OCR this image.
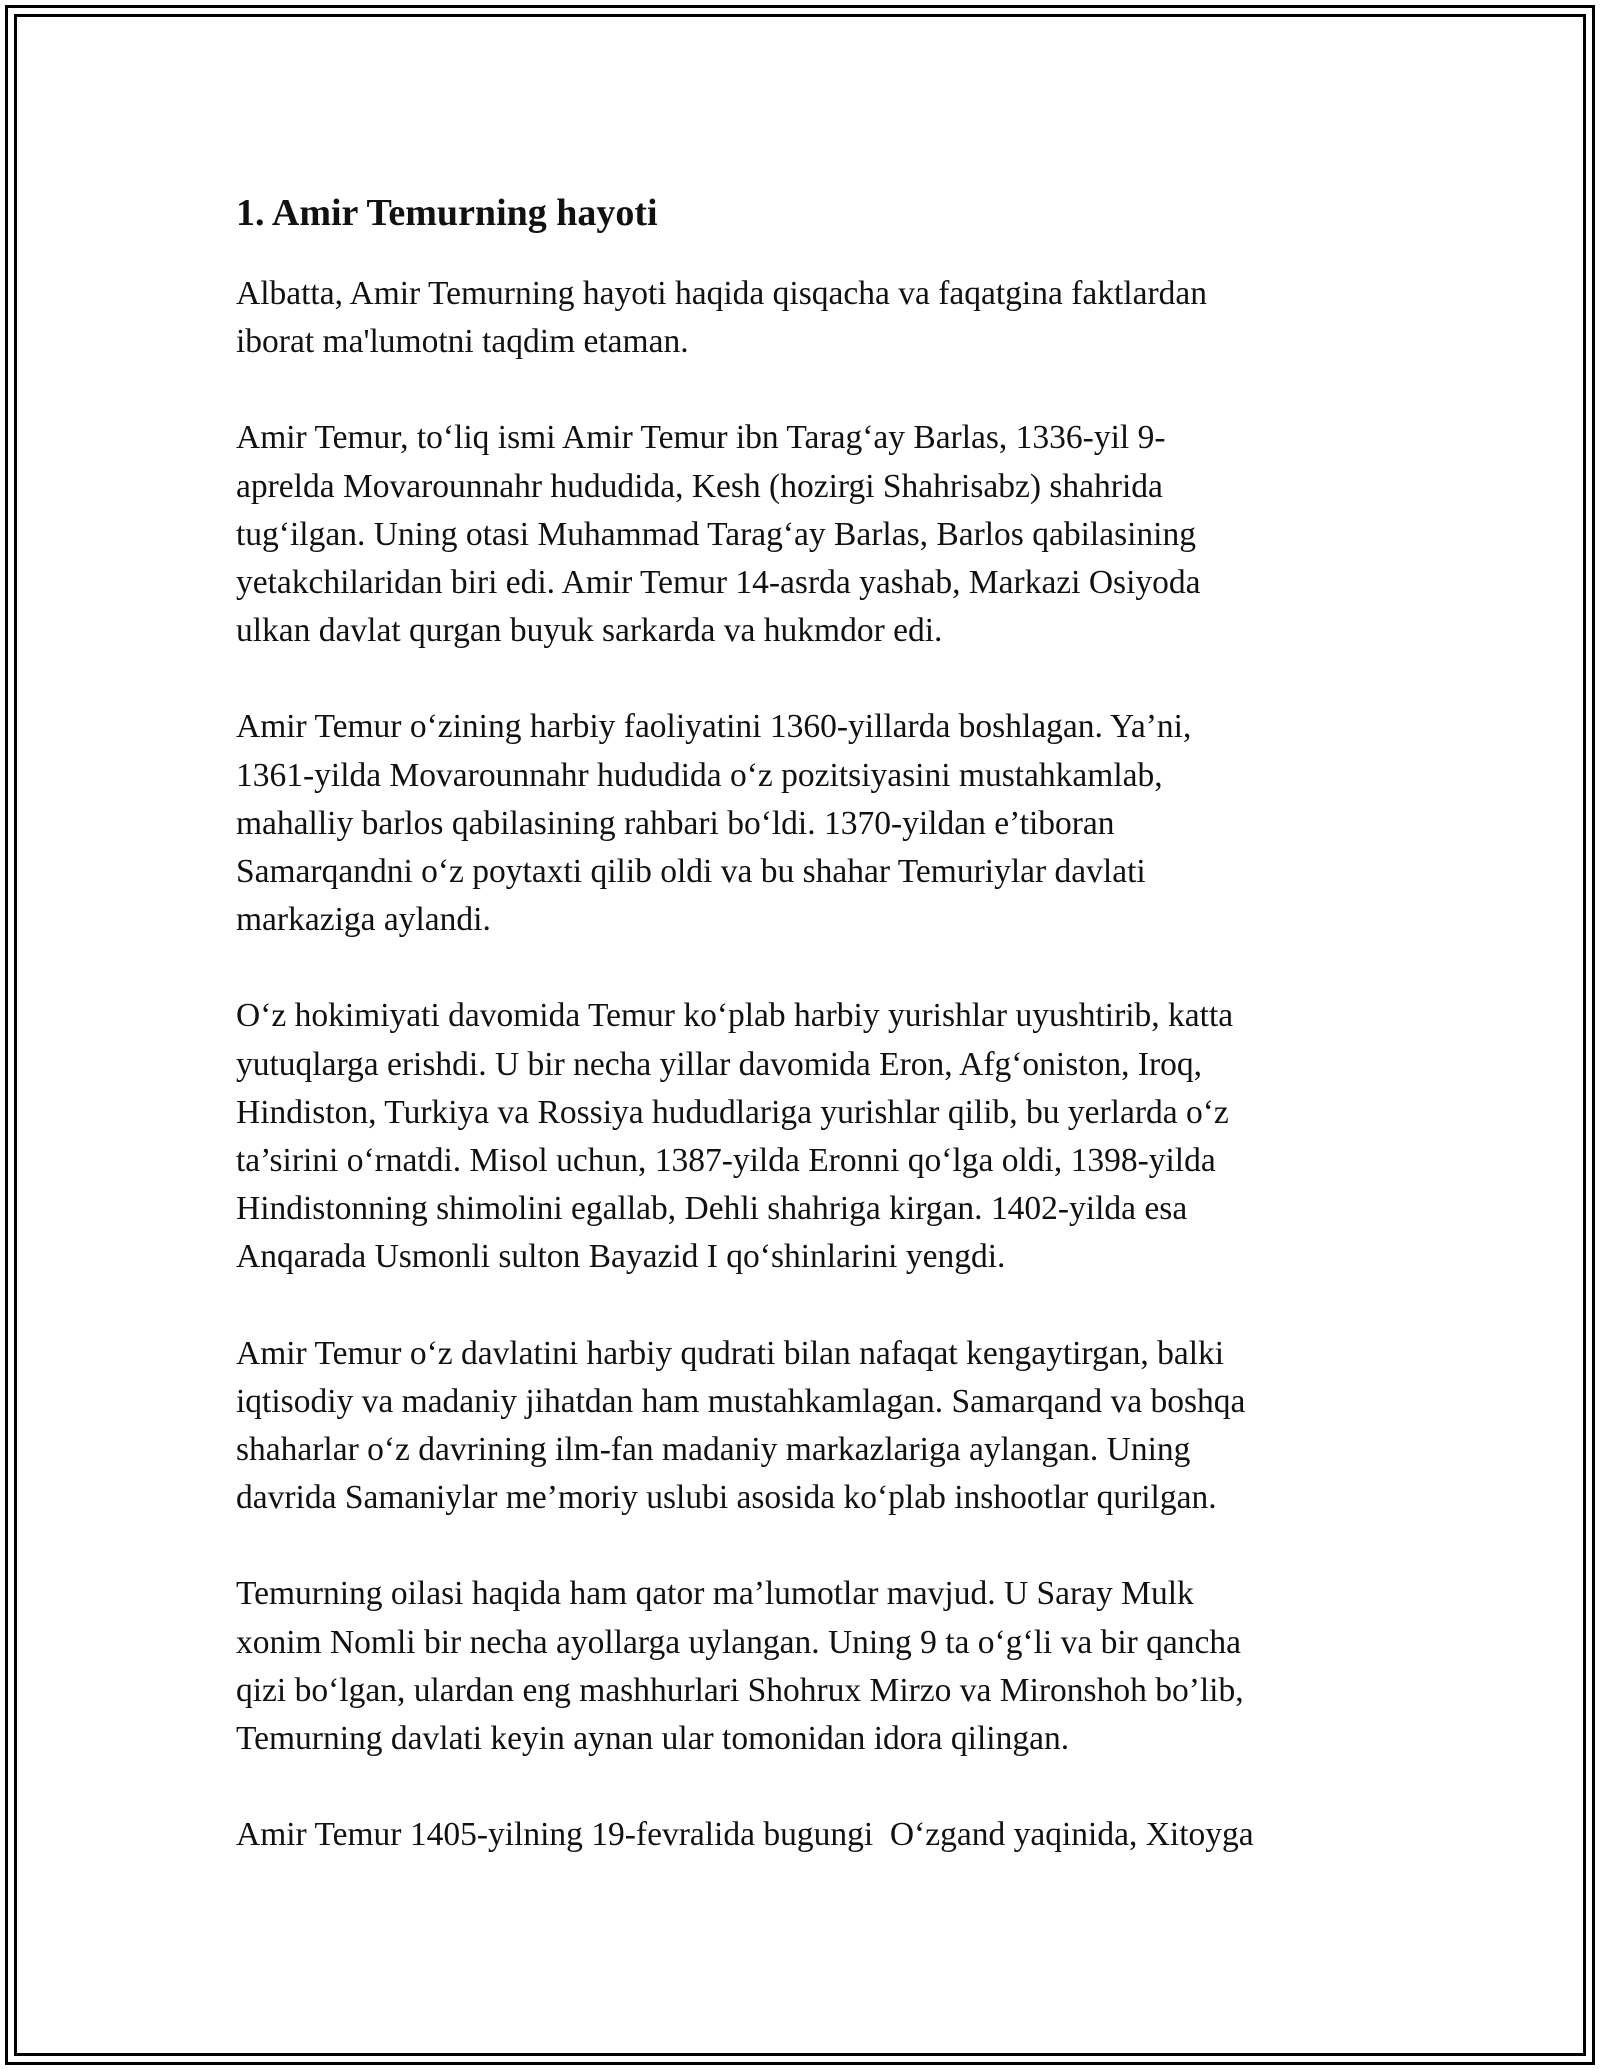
1. Amir Temurning hayoti

Albatta, Amir Temurning hayoti haqida qisqacha va faqatgina faktlardan
iborat ma'lumotni taqdim etaman.

Amir Temur, to‘liq ismi Amir Temur ibn Tarag‘ay Barlas, 1336-yil 9-
aprelda Movarounnahr hududida, Kesh (hozirgi Shahrisabz) shahrida
tug‘ilgan. Uning otasi Muhammad Tarag‘ay Barlas, Barlos qabilasining
yetakchilaridan biri edi. Amir Temur 14-asrda yashab, Markazi Osiyoda
ulkan davlat qurgan buyuk sarkarda va hukmdor edi.

Amir Temur o‘zining harbiy faoliyatini 1360-yillarda boshlagan. Ya’ni,
1361-yilda Movarounnahr hududida o‘z pozitsiyasini mustahkamlab,
mahalliy barlos qabilasining rahbari bo‘ldi. 1370-yildan e’tiboran
Samarqandni o‘z poytaxti qilib oldi va bu shahar Temuriylar davlati
markaziga aylandi.

O‘z hokimiyati davomida Temur ko‘plab harbiy yurishlar uyushtirib, katta
yutuqlarga erishdi. U bir necha yillar davomida Eron, Afg‘oniston, Iroq,
Hindiston, Turkiya va Rossiya hududlariga yurishlar qilib, bu yerlarda o‘z
ta’sirini o‘rnatdi. Misol uchun, 1387-yilda Eronni qo‘lga oldi, 1398-yilda
Hindistonning shimolini egallab, Dehli shahriga kirgan. 1402-yilda esa
Anqarada Usmonli sulton Bayazid I qo‘shinlarini yengdi.

Amir Temur o‘z davlatini harbiy qudrati bilan nafaqat kengaytirgan, balki
iqtisodiy va madaniy jihatdan ham mustahkamlagan. Samarqand va boshqa
shaharlar o‘z davrining ilm-fan madaniy markazlariga aylangan. Uning
davrida Samaniylar me’moriy uslubi asosida ko‘plab inshootlar qurilgan.

Temurning oilasi haqida ham qator ma’lumotlar mavjud. U Saray Mulk
xonim Nomli bir necha ayollarga uylangan. Uning 9 ta o‘g‘li va bir qancha
qizi bo‘lgan, ulardan eng mashhurlari Shohrux Mirzo va Mironshoh bo’lib,
Temurning davlati keyin aynan ular tomonidan idora qilingan.

Amir Temur 1405-yilning 19-fevralida bugungi  O‘zgand yaqinida, Xitoyga
